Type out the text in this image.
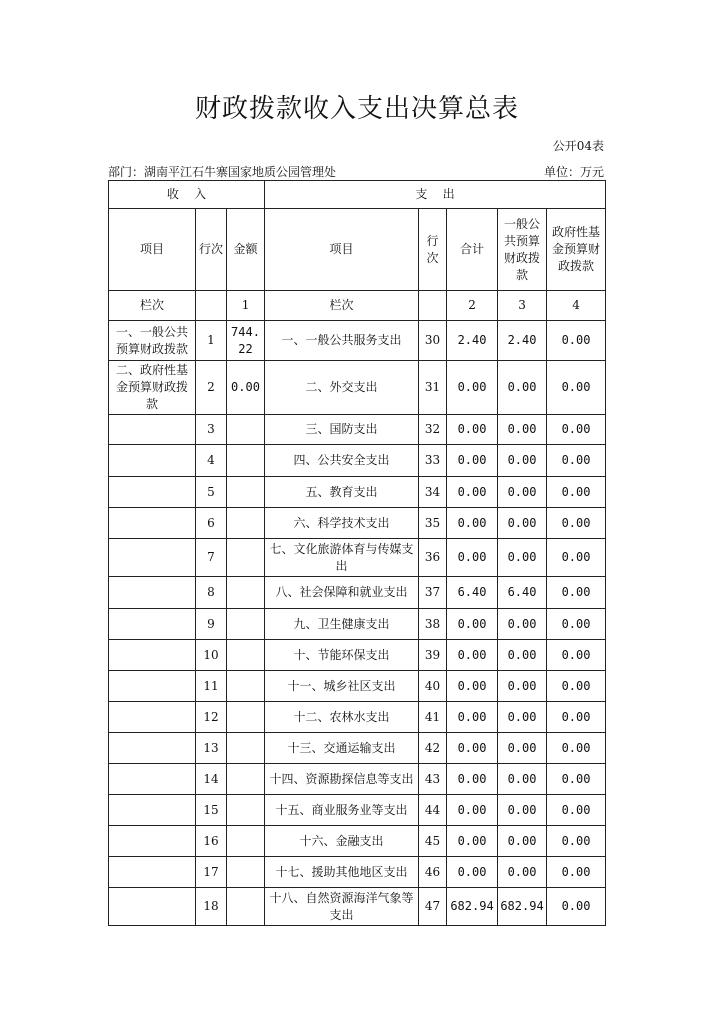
财政拨款收入支出决算总表
公开04表
部门：湖南平江石牛寨国家地质公园管理处	单位：万元
收    入			支    出				
项目	行次	金额	项目	行次	合计	一般公共预算财政拨款	政府性基金预算财政拨款
栏次		1	栏次		2	3	4
一、一般公共预算财政拨款	1	744.22	一、一般公共服务支出	30	2.40	2.40	0.00
二、政府性基金预算财政拨款	2	0.00	二、外交支出	31	0.00	0.00	0.00
	3		三、国防支出	32	0.00	0.00	0.00
	4		四、公共安全支出	33	0.00	0.00	0.00
	5		五、教育支出	34	0.00	0.00	0.00
	6		六、科学技术支出	35	0.00	0.00	0.00
	7		七、文化旅游体育与传媒支出	36	0.00	0.00	0.00
	8		八、社会保障和就业支出	37	6.40	6.40	0.00
	9		九、卫生健康支出	38	0.00	0.00	0.00
	10		十、节能环保支出	39	0.00	0.00	0.00
	11		十一、城乡社区支出	40	0.00	0.00	0.00
	12		十二、农林水支出	41	0.00	0.00	0.00
	13		十三、交通运输支出	42	0.00	0.00	0.00
	14		十四、资源勘探信息等支出	43	0.00	0.00	0.00
	15		十五、商业服务业等支出	44	0.00	0.00	0.00
	16		十六、金融支出	45	0.00	0.00	0.00
	17		十七、援助其他地区支出	46	0.00	0.00	0.00
	18		十八、自然资源海洋气象等支出	47	682.94	682.94	0.00
